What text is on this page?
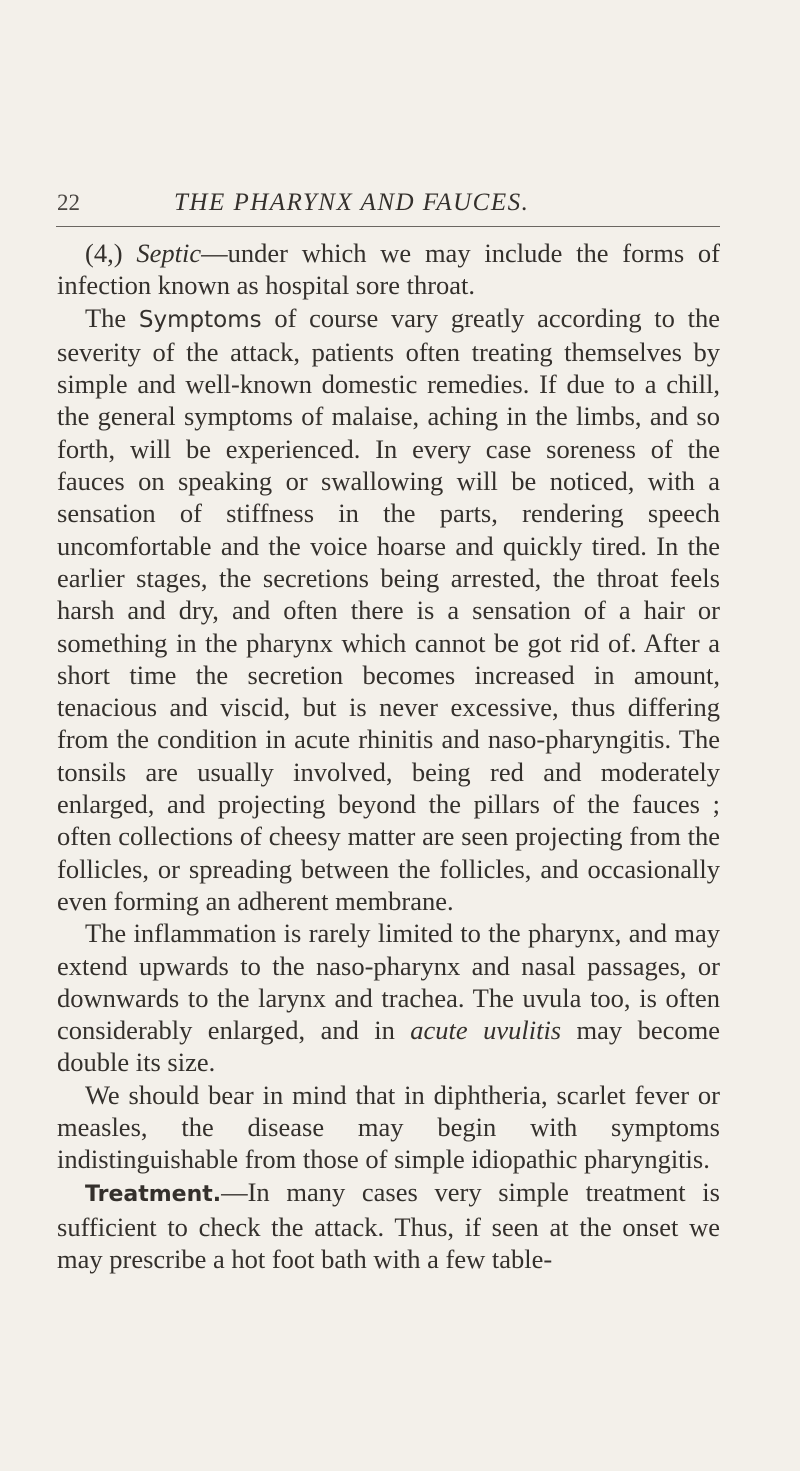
22	THE PHARYNX AND FAUCES.

(4,) Septic—under which we may include the forms of infection known as hospital sore throat.

The Symptoms of course vary greatly according to the severity of the attack, patients often treating themselves by simple and well-known domestic remedies. If due to a chill, the general symptoms of malaise, aching in the limbs, and so forth, will be experienced. In every case soreness of the fauces on speaking or swallowing will be noticed, with a sensation of stiffness in the parts, rendering speech uncomfortable and the voice hoarse and quickly tired. In the earlier stages, the secretions being arrested, the throat feels harsh and dry, and often there is a sensation of a hair or something in the pharynx which cannot be got rid of. After a short time the secretion becomes increased in amount, tenacious and viscid, but is never excessive, thus differing from the condition in acute rhinitis and naso-pharyngitis. The tonsils are usually involved, being red and moderately enlarged, and projecting beyond the pillars of the fauces ; often collections of cheesy matter are seen projecting from the follicles, or spreading between the follicles, and occasionally even forming an adherent membrane.

The inflammation is rarely limited to the pharynx, and may extend upwards to the naso-pharynx and nasal passages, or downwards to the larynx and trachea. The uvula too, is often considerably enlarged, and in acute uvulitis may become double its size.

We should bear in mind that in diphtheria, scarlet fever or measles, the disease may begin with symptoms indistinguishable from those of simple idiopathic pharyngitis.

Treatment.—In many cases very simple treatment is sufficient to check the attack. Thus, if seen at the onset we may prescribe a hot foot bath with a few table-
